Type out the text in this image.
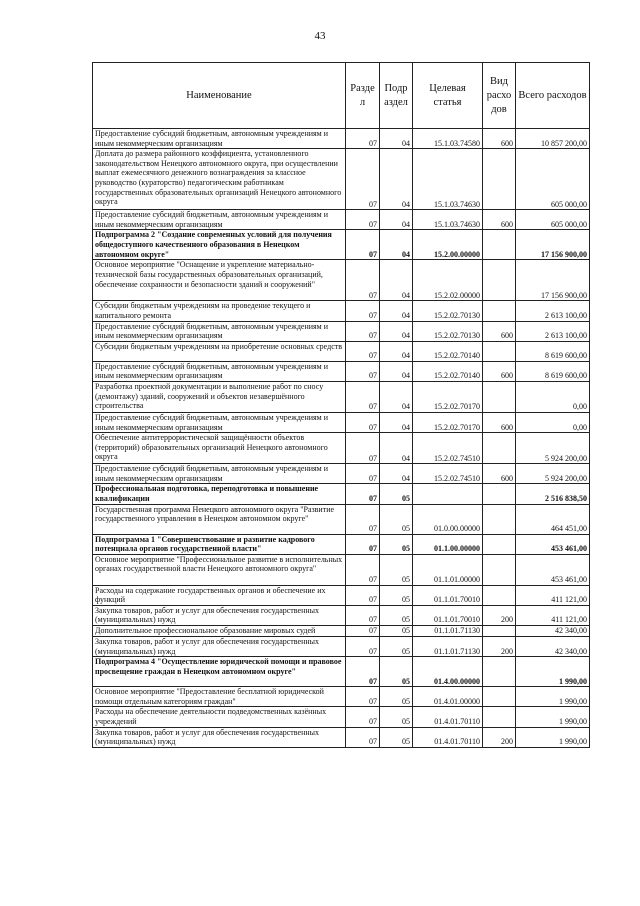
43
Наименование	Разде л	Подр аздел	Целевая статья	Вид расхо дов	Всего расходов
Предоставление субсидий бюджетным, автономным учреждениям и иным некоммерческим организациям	07	04	15.1.03.74580	600	10 857 200,00
Доплата до размера районного коэффициента, установленного законодательством Ненецкого автономного округа, при осуществлении выплат ежемесячного денежного вознаграждения за классное руководство (кураторство) педагогическим работникам государственных образовательных организаций Ненецкого автономного округа	07	04	15.1.03.74630		605 000,00
Предоставление субсидий бюджетным, автономным учреждениям и иным некоммерческим организациям	07	04	15.1.03.74630	600	605 000,00
Подпрограмма 2 "Создание современных условий для получения общедоступного качественного образования в Ненецком автономном округе"	07	04	15.2.00.00000		17 156 900,00
Основное мероприятие "Оснащение и укрепление материально-технической базы государственных образовательных организаций, обеспечение сохранности и безопасности зданий и сооружений"	07	04	15.2.02.00000		17 156 900,00
Субсидии бюджетным учреждениям на проведение текущего и капитального ремонта	07	04	15.2.02.70130		2 613 100,00
Предоставление субсидий бюджетным, автономным учреждениям и иным некоммерческим организациям	07	04	15.2.02.70130	600	2 613 100,00
Субсидии бюджетным учреждениям на приобретение основных средств	07	04	15.2.02.70140		8 619 600,00
Предоставление субсидий бюджетным, автономным учреждениям и иным некоммерческим организациям	07	04	15.2.02.70140	600	8 619 600,00
Разработка проектной документации и выполнение работ по сносу (демонтажу) зданий, сооружений и объектов незавершённого строительства	07	04	15.2.02.70170		0,00
Предоставление субсидий бюджетным, автономным учреждениям и иным некоммерческим организациям	07	04	15.2.02.70170	600	0,00
Обеспечение антитеррористической защищённости объектов (территорий) образовательных организаций Ненецкого автономного округа	07	04	15.2.02.74510		5 924 200,00
Предоставление субсидий бюджетным, автономным учреждениям и иным некоммерческим организациям	07	04	15.2.02.74510	600	5 924 200,00
Профессиональная подготовка, переподготовка и повышение квалификации	07	05			2 516 838,50
Государственная программа Ненецкого автономного округа "Развитие государственного управления в Ненецком автономном округе"	07	05	01.0.00.00000		464 451,00
Подпрограмма 1 "Совершенствование и развитие кадрового потенциала органов государственной власти"	07	05	01.1.00.00000		453 461,00
Основное мероприятие "Профессиональное развитие в исполнительных органах государственной власти Ненецкого автономного округа"	07	05	01.1.01.00000		453 461,00
Расходы на содержание государственных органов и обеспечение их функций	07	05	01.1.01.70010		411 121,00
Закупка товаров, работ и услуг для обеспечения государственных (муниципальных) нужд	07	05	01.1.01.70010	200	411 121,00
Дополнительное профессиональное образование мировых судей	07	05	01.1.01.71130		42 340,00
Закупка товаров, работ и услуг для обеспечения государственных (муниципальных) нужд	07	05	01.1.01.71130	200	42 340,00
Подпрограмма 4 "Осуществление юридической помощи и правовое просвещение граждан в Ненецком автономном округе"	07	05	01.4.00.00000		1 990,00
Основное мероприятие "Предоставление бесплатной юридической помощи отдельным категориям граждан"	07	05	01.4.01.00000		1 990,00
Расходы на обеспечение деятельности подведомственных казённых учреждений	07	05	01.4.01.70110		1 990,00
Закупка товаров, работ и услуг для обеспечения государственных (муниципальных) нужд	07	05	01.4.01.70110	200	1 990,00
